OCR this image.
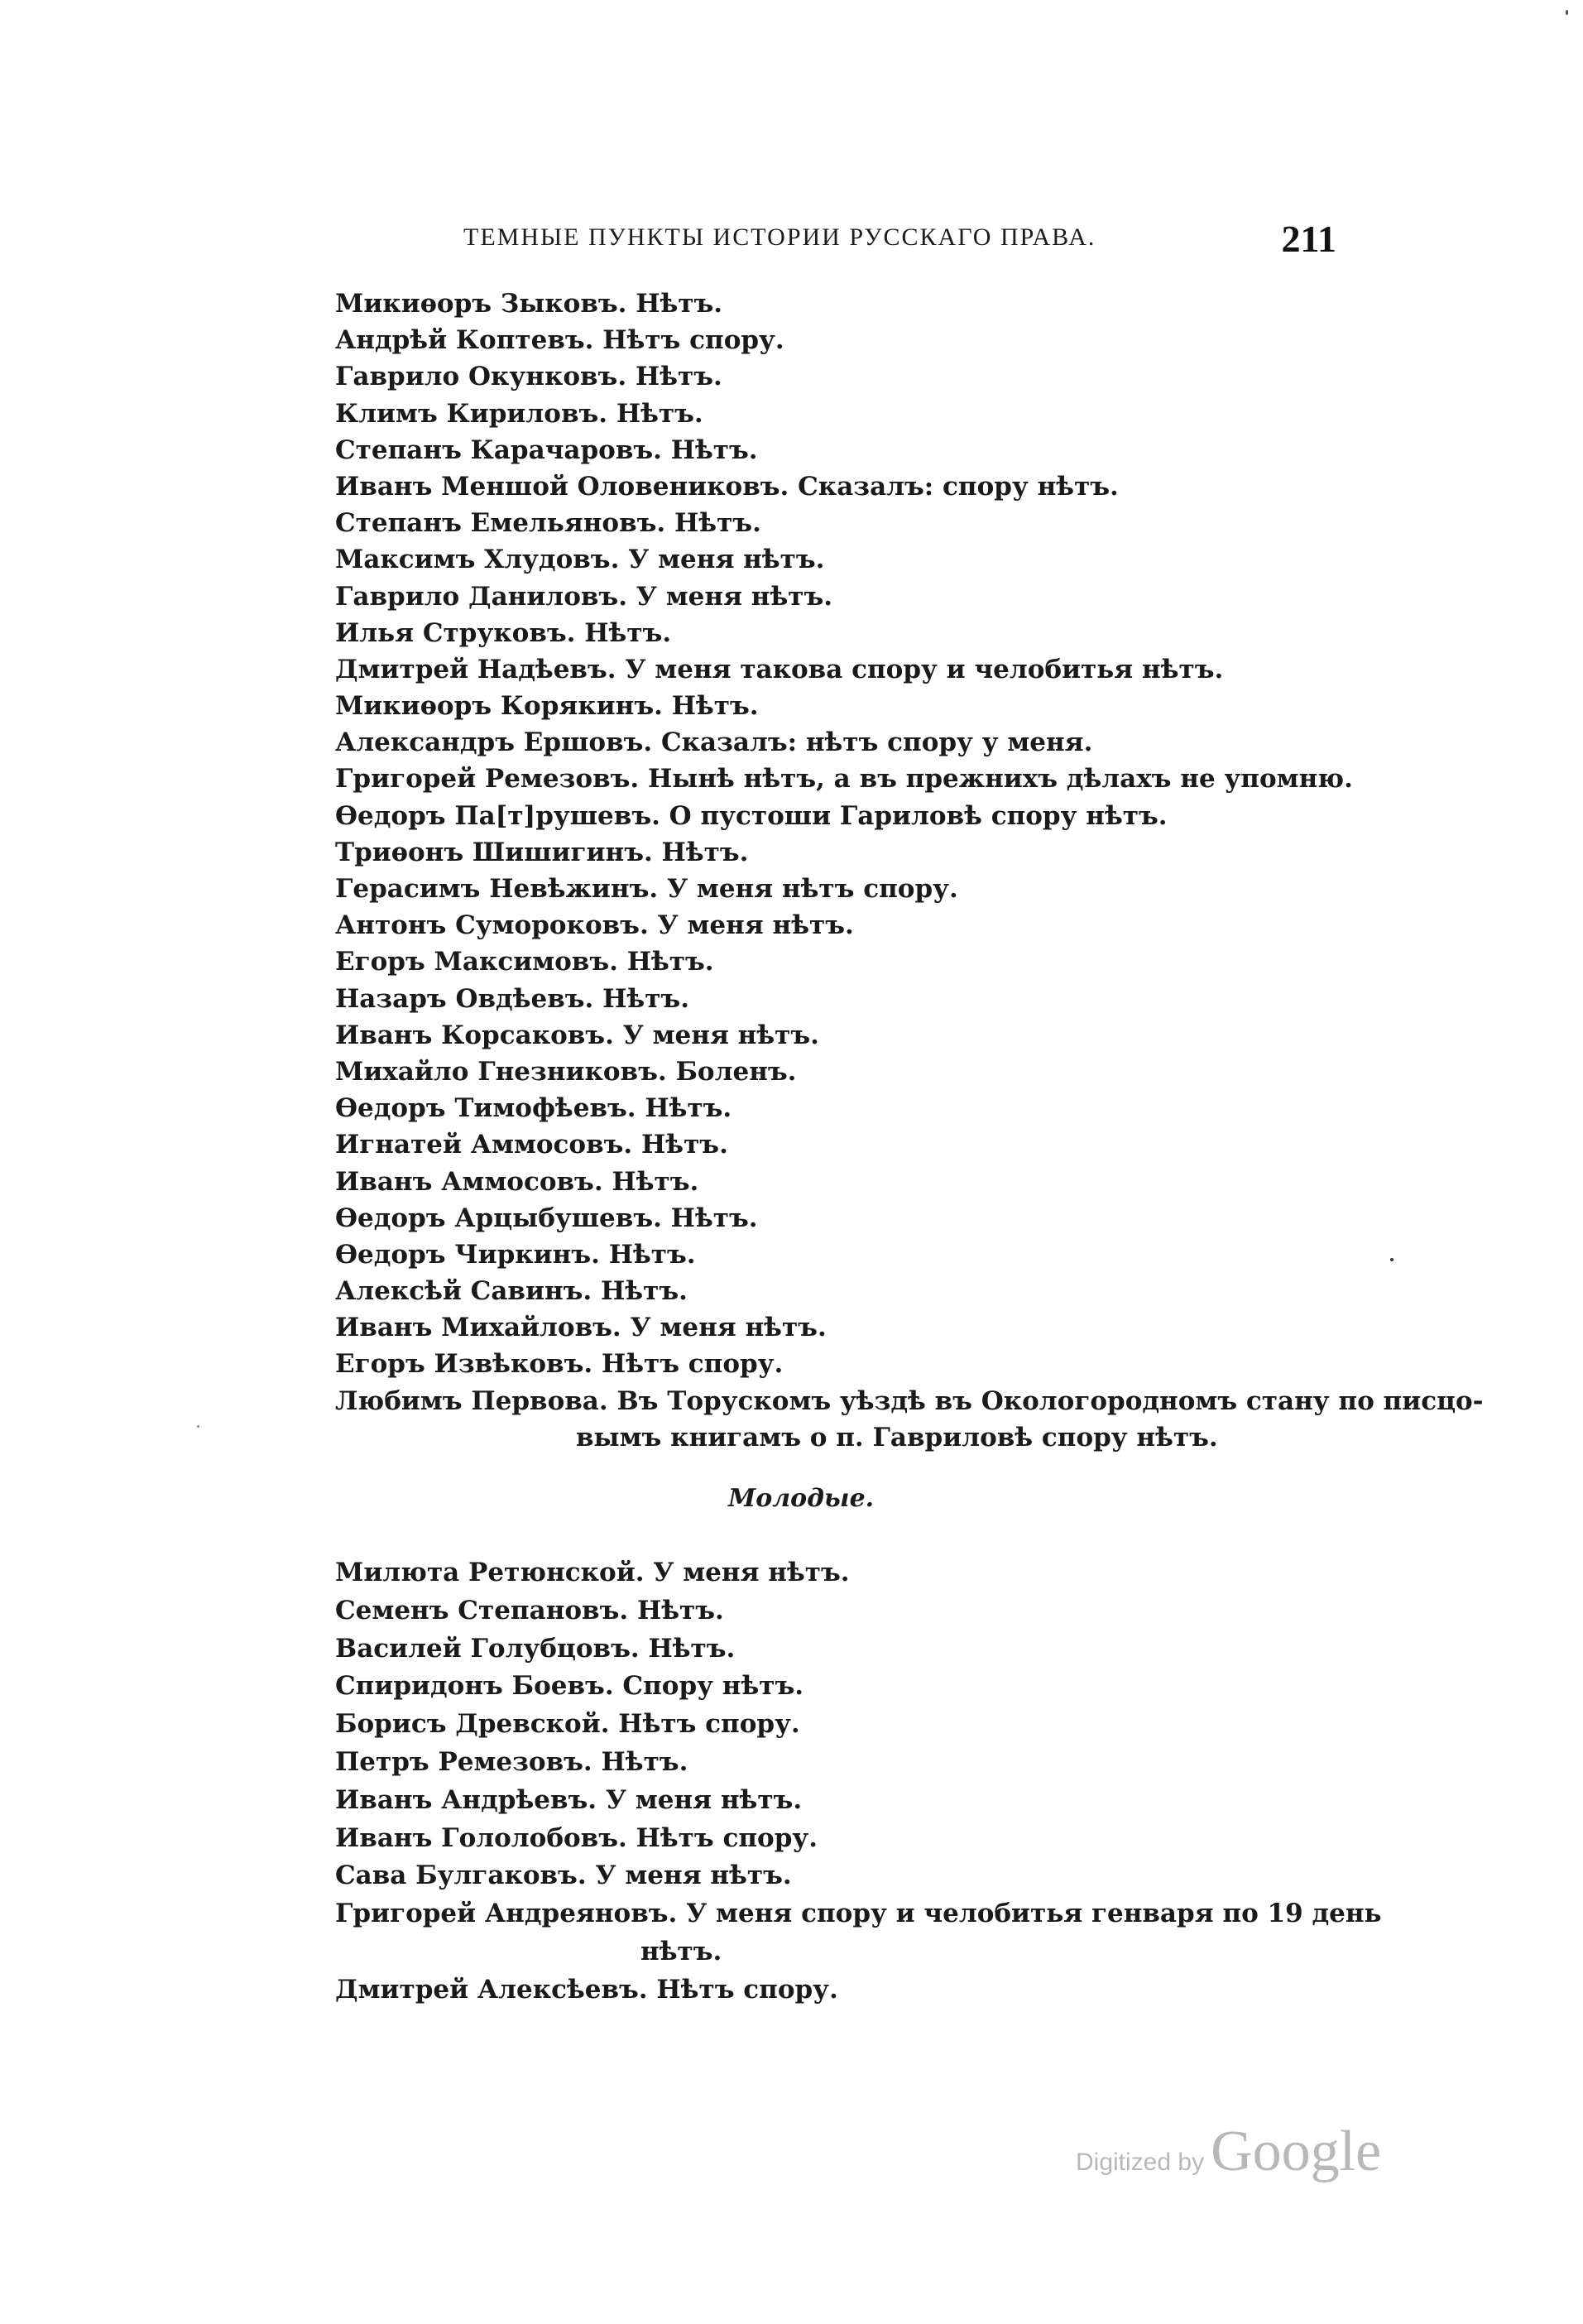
ТЕМНЫЕ ПУНКТЫ ИСТОРИИ РУССКАГО ПРАВА.	211
Микиѳоръ Зыковъ. Нѣтъ.
Андрѣй Коптевъ. Нѣтъ спору.
Гаврило Окунковъ. Нѣтъ.
Климъ Кириловъ. Нѣтъ.
Степанъ Карачаровъ. Нѣтъ.
Иванъ Меншой Оловениковъ. Сказалъ: спору нѣтъ.
Степанъ Емельяновъ. Нѣтъ.
Максимъ Хлудовъ. У меня нѣтъ.
Гаврило Даниловъ. У меня нѣтъ.
Илья Струковъ. Нѣтъ.
Дмитрей Надѣевъ. У меня такова спору и челобитья нѣтъ.
Микиѳоръ Корякинъ. Нѣтъ.
Александръ Ершовъ. Сказалъ: нѣтъ спору у меня.
Григорей Ремезовъ. Нынѣ нѣтъ, а въ прежнихъ дѣлахъ не упомню.
Ѳедоръ Па[т]рушевъ. О пустоши Гариловѣ спору нѣтъ.
Триѳонъ Шишигинъ. Нѣтъ.
Герасимъ Невѣжинъ. У меня нѣтъ спору.
Антонъ Сумороковъ. У меня нѣтъ.
Егоръ Максимовъ. Нѣтъ.
Назаръ Овдѣевъ. Нѣтъ.
Иванъ Корсаковъ. У меня нѣтъ.
Михайло Гнезниковъ. Боленъ.
Ѳедоръ Тимофѣевъ. Нѣтъ.
Игнатей Аммосовъ. Нѣтъ.
Иванъ Аммосовъ. Нѣтъ.
Ѳедоръ Арцыбушевъ. Нѣтъ.
Ѳедоръ Чиркинъ. Нѣтъ.
Алексѣй Савинъ. Нѣтъ.
Иванъ Михайловъ. У меня нѣтъ.
Егоръ Извѣковъ. Нѣтъ спору.
Любимъ Первова. Въ Торускомъ уѣздѣ въ Окологородномъ стану по писцо-
вымъ книгамъ о п. Гавриловѣ спору нѣтъ.
Молодые.
Милюта Ретюнской. У меня нѣтъ.
Семенъ Степановъ. Нѣтъ.
Василей Голубцовъ. Нѣтъ.
Спиридонъ Боевъ. Спору нѣтъ.
Борисъ Древской. Нѣтъ спору.
Петръ Ремезовъ. Нѣтъ.
Иванъ Андрѣевъ. У меня нѣтъ.
Иванъ Гололобовъ. Нѣтъ спору.
Сава Булгаковъ. У меня нѣтъ.
Григорей Андреяновъ. У меня спору и челобитья генваря по 19 день
нѣтъ.
Дмитрей Алексѣевъ. Нѣтъ спору.
Digitized by Google
